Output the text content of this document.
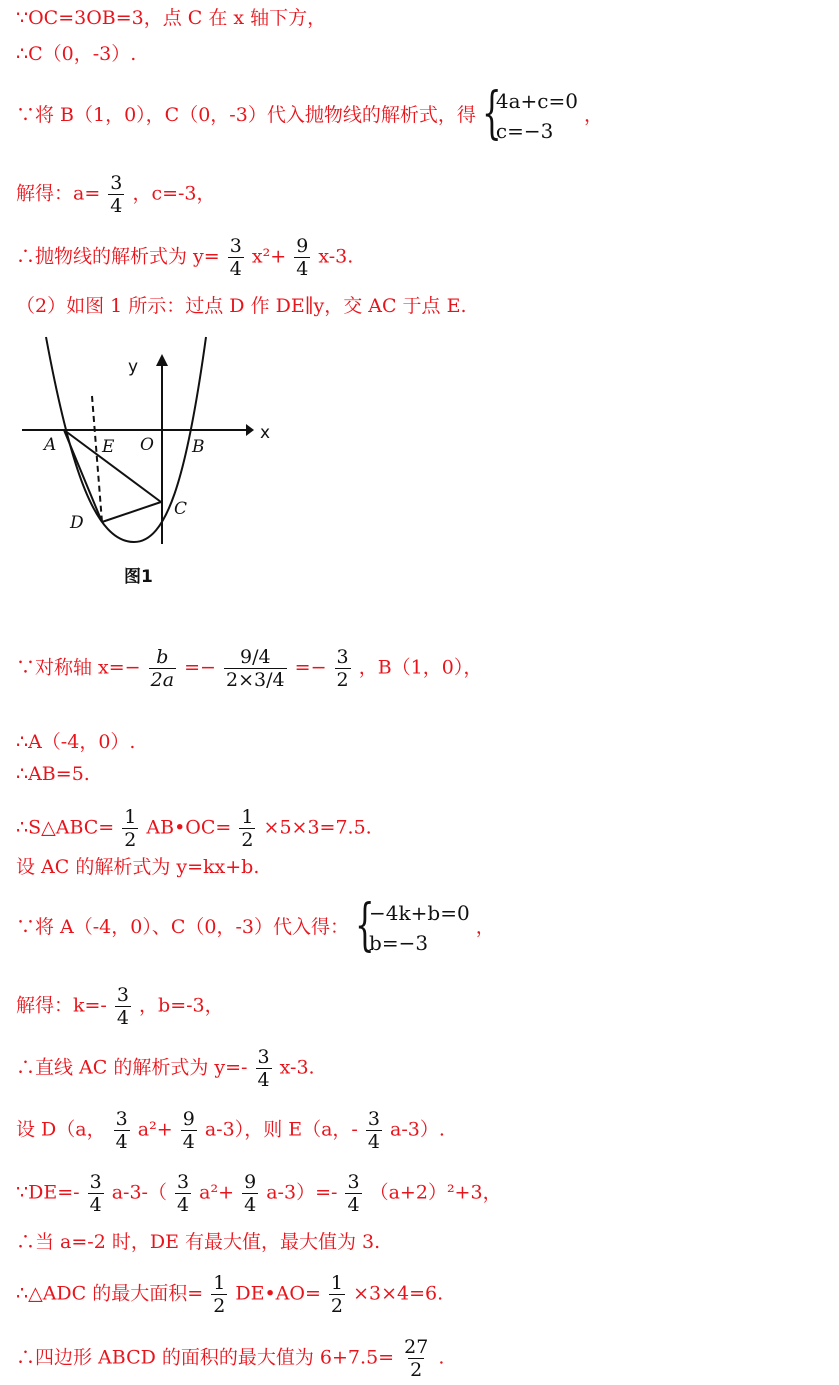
∵OC=3OB=3，点 C 在 x 轴下方，
∴C（0，-3）.
∵将 B（1，0），C（0，-3）代入抛物线的解析式，得 {
4a+c=0
c=−3
，
解得：$a= \frac{3}{4}$ ，c=-3，
∴抛物线的解析式为 $y= \frac{3}{4} x^2+ \frac{9}{4} x-3$.
（2）如图 1 所示：过点 D 作 DE∥y，交 AC 于点 E.
A	E O B
C
D
y
x
图1
∵对称轴 $x=- \frac{b}{2a} =- \frac{9/4}{2\times 3/4} =- \frac{3}{2}$ ，B（1，0），
∴A（-4，0）.
∴AB=5.
∴S△ABC= $\frac{1}{2}$ AB•OC= $\frac{1}{2} \times 5\times 3=7.5$.
设 AC 的解析式为 y=kx+b.
∵将 A（-4，0）、C（0，-3）代入得： {
−4k+b=0
b=−3
，
解得：$k=- \frac{3}{4}$ ，b=-3，
∴直线 AC 的解析式为 $y=- \frac{3}{4} x-3$.
设 D（a， $\frac{3}{4} a^2+ \frac{9}{4} a-3$），则 E（a，- $\frac{3}{4} a-3$）.
∵DE=- $\frac{3}{4} a-3-( \frac{3}{4} a^2+ \frac{9}{4} a-3)=- \frac{3}{4} (a+2)^2+3$，
∴当 a=-2 时，DE 有最大值，最大值为 3.
∴△ADC 的最大面积= $\frac{1}{2}$ DE•AO= $\frac{1}{2} \times 3\times 4=6$.
∴四边形 ABCD 的面积的最大值为 $6+7.5= \frac{27}{2}$ .
